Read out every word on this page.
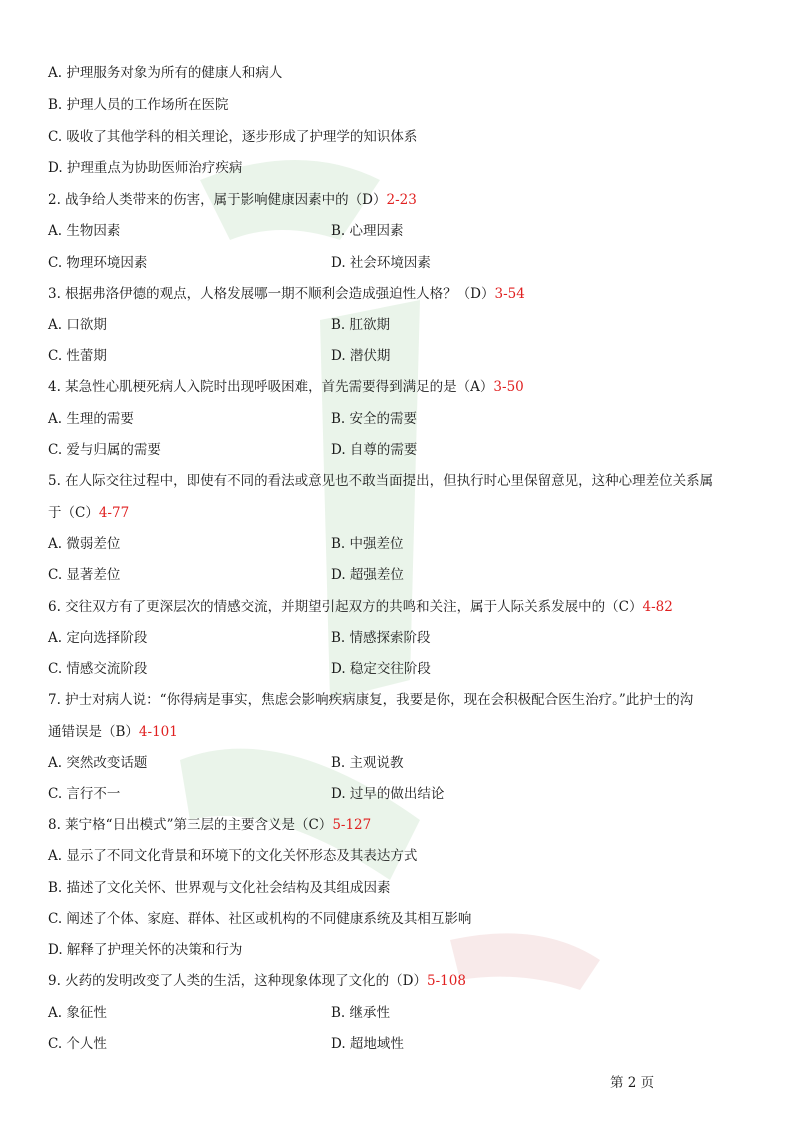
A. 护理服务对象为所有的健康人和病人
B. 护理人员的工作场所在医院
C. 吸收了其他学科的相关理论，逐步形成了护理学的知识体系
D. 护理重点为协助医师治疗疾病
2. 战争给人类带来的伤害，属于影响健康因素中的（D）2-23
A. 生物因素	B. 心理因素
C. 物理环境因素	D. 社会环境因素
3. 根据弗洛伊德的观点，人格发展哪一期不顺利会造成强迫性人格？（D）3-54
A. 口欲期	B. 肛欲期
C. 性蕾期	D. 潜伏期
4. 某急性心肌梗死病人入院时出现呼吸困难，首先需要得到满足的是（A）3-50
A. 生理的需要	B. 安全的需要
C. 爱与归属的需要	D. 自尊的需要
5. 在人际交往过程中，即使有不同的看法或意见也不敢当面提出，但执行时心里保留意见，这种心理差位关系属
于（C）4-77
A. 微弱差位	B. 中强差位
C. 显著差位	D. 超强差位
6. 交往双方有了更深层次的情感交流，并期望引起双方的共鸣和关注，属于人际关系发展中的（C）4-82
A. 定向选择阶段	B. 情感探索阶段
C. 情感交流阶段	D. 稳定交往阶段
7. 护士对病人说：“你得病是事实，焦虑会影响疾病康复，我要是你，现在会积极配合医生治疗。”此护士的沟
通错误是（B）4-101
A. 突然改变话题	B. 主观说教
C. 言行不一	D. 过早的做出结论
8. 莱宁格“日出模式”第三层的主要含义是（C）5-127
A. 显示了不同文化背景和环境下的文化关怀形态及其表达方式
B. 描述了文化关怀、世界观与文化社会结构及其组成因素
C. 阐述了个体、家庭、群体、社区或机构的不同健康系统及其相互影响
D. 解释了护理关怀的决策和行为
9. 火药的发明改变了人类的生活，这种现象体现了文化的（D）5-108
A. 象征性	B. 继承性
C. 个人性	D. 超地域性
第 2 页
